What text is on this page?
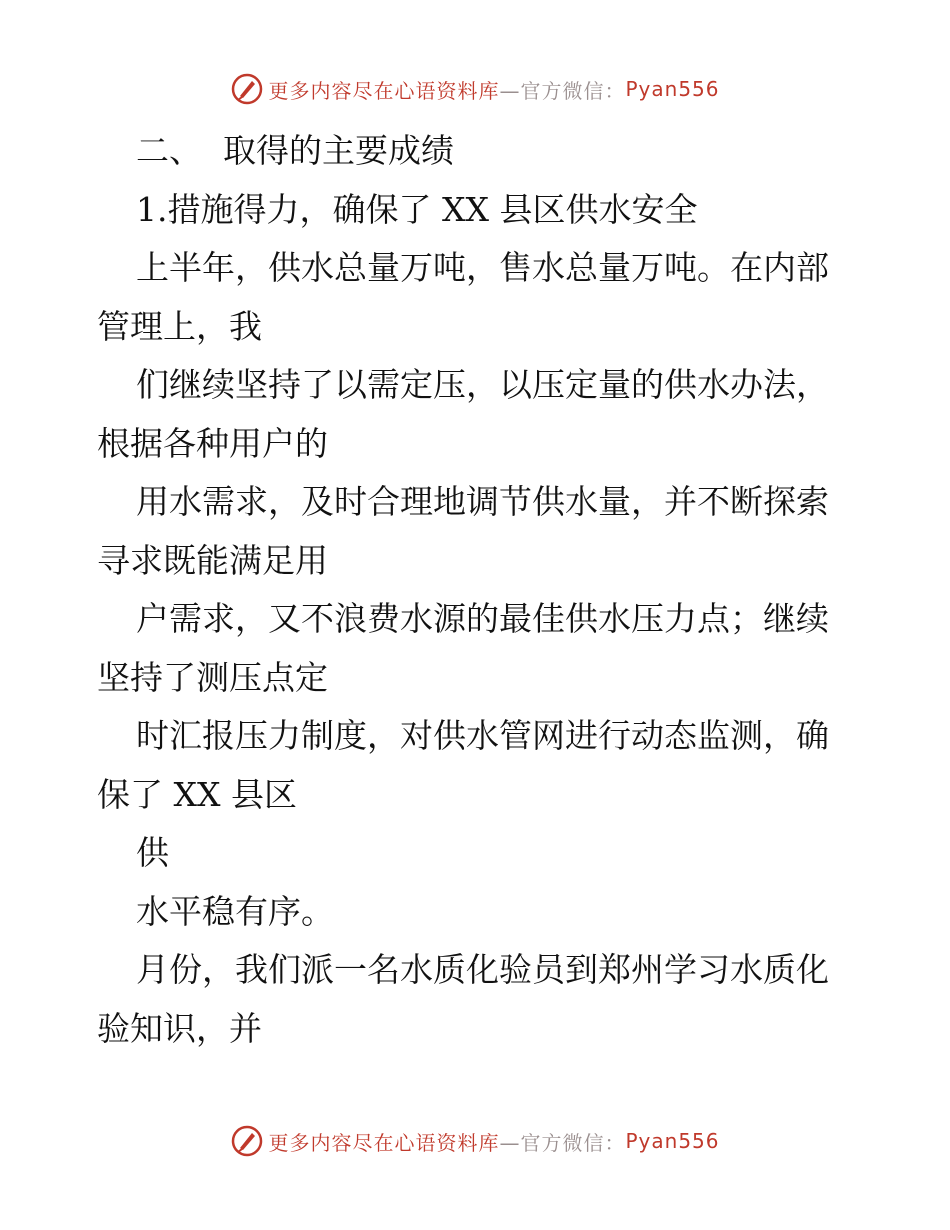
更多内容尽在心语资料库 —官方微信： Pyan556
二、  取得的主要成绩
1.措施得力，确保了 XX 县区供水安全
上半年，供水总量万吨，售水总量万吨。在内部
管理上，我
们继续坚持了以需定压，以压定量的供水办法，
根据各种用户的
用水需求，及时合理地调节供水量，并不断探索
寻求既能满足用
户需求，又不浪费水源的最佳供水压力点；继续
坚持了测压点定
时汇报压力制度，对供水管网进行动态监测，确
保了 XX 县区
供
水平稳有序。
月份，我们派一名水质化验员到郑州学习水质化
验知识，并
更多内容尽在心语资料库 —官方微信： Pyan556
